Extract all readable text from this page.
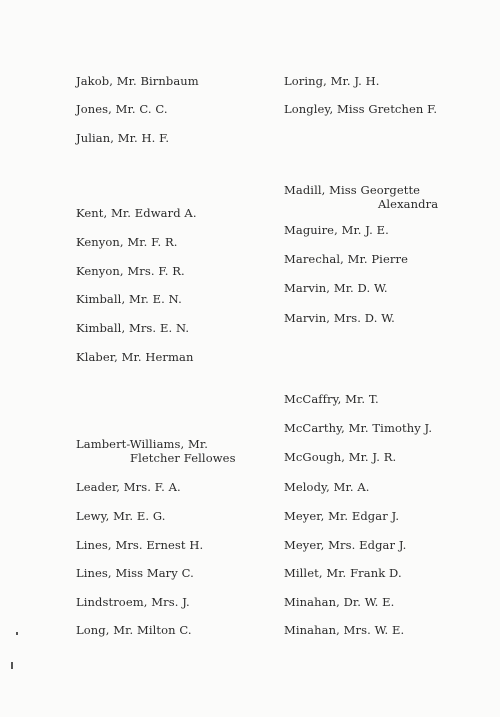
Jakob, Mr. Birnbaum
Jones, Mr. C. C.
Julian, Mr. H. F.
Kent, Mr. Edward A.
Kenyon, Mr. F. R.
Kenyon, Mrs. F. R.
Kimball, Mr. E. N.
Kimball, Mrs. E. N.
Klaber, Mr. Herman
Lambert-Williams, Mr.
Fletcher Fellowes
Leader, Mrs. F. A.
Lewy, Mr. E. G.
Lines, Mrs. Ernest H.
Lines, Miss Mary C.
Lindstroem, Mrs. J.
Long, Mr. Milton C.
Loring, Mr. J. H.
Longley, Miss Gretchen F.
Madill, Miss Georgette
Alexandra
Maguire, Mr. J. E.
Marechal, Mr. Pierre
Marvin, Mr. D. W.
Marvin, Mrs. D. W.
McCaffry, Mr. T.
McCarthy, Mr. Timothy J.
McGough, Mr. J. R.
Melody, Mr. A.
Meyer, Mr. Edgar J.
Meyer, Mrs. Edgar J.
Millet, Mr. Frank D.
Minahan, Dr. W. E.
Minahan, Mrs. W. E.
